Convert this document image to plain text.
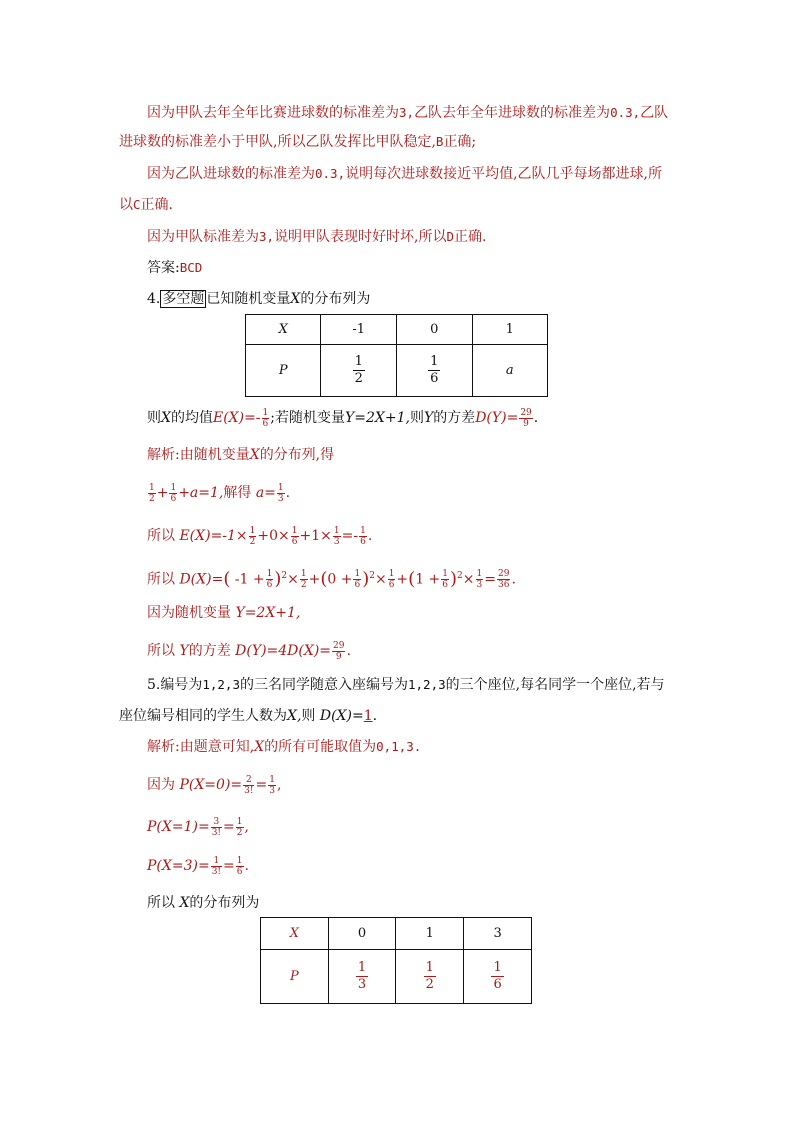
因为甲队去年全年比赛进球数的标准差为3,乙队去年全年进球数的标准差为0.3,乙队
进球数的标准差小于甲队,所以乙队发挥比甲队稳定,B正确;
因为乙队进球数的标准差为0.3,说明每次进球数接近平均值,乙队几乎每场都进球,所
以C正确.
因为甲队标准差为3,说明甲队表现时好时坏,所以D正确.
答案:BCD
4. 多空题 已知随机变量X的分布列为
X	-1	0	1
P	$\frac{1}{2}$	$\frac{1}{6}$	a
则X的均值$E(X)=- \frac{1}{6}$ ;若随机变量Y=2X+1,则Y的方差$D(Y)= \frac{29}{9}$ .
解析:由随机变量X的分布列,得
$\frac{1}{2} + \frac{1}{6} +a=1$,解得 $a= \frac{1}{3}$ .
所以 $E(X)=-1\times \frac{1}{2} +0\times \frac{1}{6} +1\times \frac{1}{3} =- \frac{1}{6}$ .
所以 D(X)=( $-1 + \frac{1}{6} )^2\times \frac{1}{2} +(0 + \frac{1}{6} )^2\times \frac{1}{6} +(1 + \frac{1}{6} )^2\times \frac{1}{3} = \frac{29}{36}$ .
因为随机变量 Y=2X+1,
所以 Y的方差 $D(Y)=4D(X)= \frac{29}{9}$ .
5.编号为1,2,3的三名同学随意入座编号为1,2,3的三个座位,每名同学一个座位,若与
座位编号相同的学生人数为X,则 D(X)=1.
解析:由题意可知,X的所有可能取值为0,1,3.
因为 $P(X=0)= \frac{2}{3!} = \frac{1}{3}$ ,
$P(X=1)= \frac{3}{3!} = \frac{1}{2}$ ,
$P(X=3)= \frac{1}{3!} = \frac{1}{6}$ .
所以 X的分布列为
X	0	1	3
P	$\frac{1}{3}$	$\frac{1}{2}$	$\frac{1}{6}$
